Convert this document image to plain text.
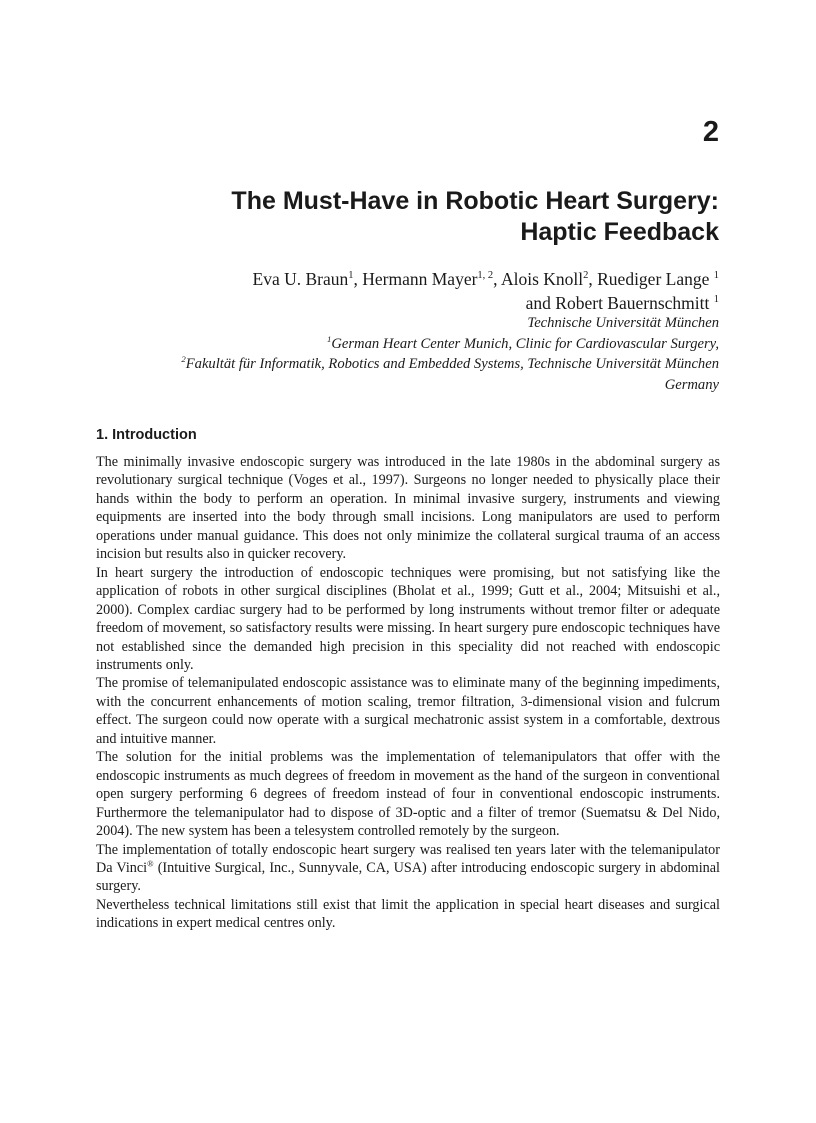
2
The Must-Have in Robotic Heart Surgery:
Haptic Feedback
Eva U. Braun$^1$, Hermann Mayer$^{1, 2}$, Alois Knoll$^2$, Ruediger Lange $^1$
and Robert Bauernschmitt $^1$
Technische Universität München
$^1$German Heart Center Munich, Clinic for Cardiovascular Surgery,
$^2$Fakultät für Informatik, Robotics and Embedded Systems, Technische Universität München
Germany
1. Introduction

The minimally invasive endoscopic surgery was introduced in the late 1980s in the abdominal surgery as revolutionary surgical technique (Voges et al., 1997). Surgeons no longer needed to physically place their hands within the body to perform an operation. In minimal invasive surgery, instruments and viewing equipments are inserted into the body through small incisions. Long manipulators are used to perform operations under manual guidance. This does not only minimize the collateral surgical trauma of an access incision but results also in quicker recovery.

In heart surgery the introduction of endoscopic techniques were promising, but not satisfying like the application of robots in other surgical disciplines (Bholat et al., 1999; Gutt et al., 2004; Mitsuishi et al., 2000). Complex cardiac surgery had to be performed by long instruments without tremor filter or adequate freedom of movement, so satisfactory results were missing. In heart surgery pure endoscopic techniques have not established since the demanded high precision in this speciality did not reached with endoscopic instruments only.

The promise of telemanipulated endoscopic assistance was to eliminate many of the beginning impediments, with the concurrent enhancements of motion scaling, tremor filtration, 3-dimensional vision and fulcrum effect. The surgeon could now operate with a surgical mechatronic assist system in a comfortable, dextrous and intuitive manner.

The solution for the initial problems was the implementation of telemanipulators that offer with the endoscopic instruments as much degrees of freedom in movement as the hand of the surgeon in conventional open surgery performing 6 degrees of freedom instead of four in conventional endoscopic instruments. Furthermore the telemanipulator had to dispose of 3D-optic and a filter of tremor (Suematsu & Del Nido, 2004). The new system has been a telesystem controlled remotely by the surgeon.

The implementation of totally endoscopic heart surgery was realised ten years later with the telemanipulator Da Vinci® (Intuitive Surgical, Inc., Sunnyvale, CA, USA) after introducing endoscopic surgery in abdominal surgery.

Nevertheless technical limitations still exist that limit the application in special heart diseases and surgical indications in expert medical centres only.
